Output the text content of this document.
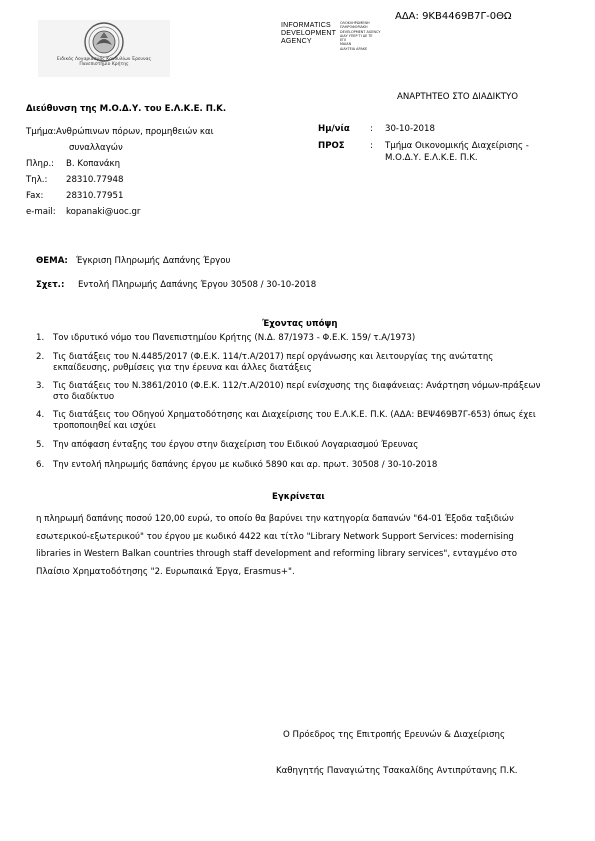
ΑΔΑ: 9ΚΒ4469Β7Γ-0ΘΩ
Ειδικός Λογαριασμός Κονδυλίων Έρευνας
Πανεπιστήμιο Κρήτης
INFORMATICS
DEVELOPMENT
AGENCY
ΟΛΟΚΛΗΡΩΜΕΝΗ
ΠΛΗΡΟΦΟΡΙΑΚΗ
DEVELOPMENT AGENCY
ΔΙΑΥ ΥΠΕΡ ΤΙ ΔΕ ΤΕ
ΕΠΙ
ΜΑΙΑΝ
ΔΙΑΥΓΕΙΑ ΑΡΑΚΕ
ΑΝΑΡΤΗΤΕΟ ΣΤΟ ΔΙΑΔΙΚΤΥΟ
Διεύθυνση της Μ.Ο.Δ.Υ. του Ε.Λ.Κ.Ε. Π.Κ.
Τμήμα: Ανθρώπινων πόρων, προμηθειών και
συναλλαγών
Πληρ.: Β. Κοπανάκη
Τηλ.: 28310.77948
Fax:	28310.77951
e-mail: kopanaki@uoc.gr
Ημ/νία : 30-10-2018
ΠΡΟΣ	: Τμήμα Οικονομικής Διαχείρισης -
Μ.Ο.Δ.Υ. Ε.Λ.Κ.Ε. Π.Κ.
ΘΕΜΑ: Έγκριση Πληρωμής Δαπάνης Έργου
Σχετ.: Εντολή Πληρωμής Δαπάνης Έργου 30508 / 30-10-2018
Έχοντας υπόψη
1. Τον ιδρυτικό νόμο του Πανεπιστημίου Κρήτης (Ν.Δ. 87/1973 - Φ.Ε.Κ. 159/ τ.Α/1973)
2. Τις διατάξεις του Ν.4485/2017 (Φ.Ε.Κ. 114/τ.Α/2017) περί οργάνωσης και λειτουργίας της ανώτατης εκπαίδευσης, ρυθμίσεις για την έρευνα και άλλες διατάξεις
3. Τις διατάξεις του Ν.3861/2010 (Φ.Ε.Κ. 112/τ.Α/2010) περί ενίσχυσης της διαφάνειας: Ανάρτηση νόμων-πράξεων στο διαδίκτυο
4. Τις διατάξεις του Οδηγού Χρηματοδότησης και Διαχείρισης του Ε.Λ.Κ.Ε. Π.Κ. (ΑΔΑ: ΒΕΨ469Β7Γ-653) όπως έχει τροποποιηθεί και ισχύει
5. Την απόφαση ένταξης του έργου στην διαχείριση του Ειδικού Λογαριασμού Έρευνας
6. Την εντολή πληρωμής δαπάνης έργου με κωδικό 5890 και αρ. πρωτ. 30508 / 30-10-2018
Εγκρίνεται
η πληρωμή δαπάνης ποσού 120,00 ευρώ, το οποίο θα βαρύνει την κατηγορία δαπανών "64-01 Έξοδα ταξιδιών εσωτερικού-εξωτερικού" του έργου με κωδικό 4422 και τίτλο "Library Network Support Services: modernising libraries in Western Balkan countries through staff development and reforming library services", ενταγμένο στο Πλαίσιο Χρηματοδότησης "2. Ευρωπαικά Έργα, Erasmus+".
Ο Πρόεδρος της Επιτροπής Ερευνών & Διαχείρισης
Καθηγητής Παναγιώτης Τσακαλίδης Αντιπρύτανης Π.Κ.
